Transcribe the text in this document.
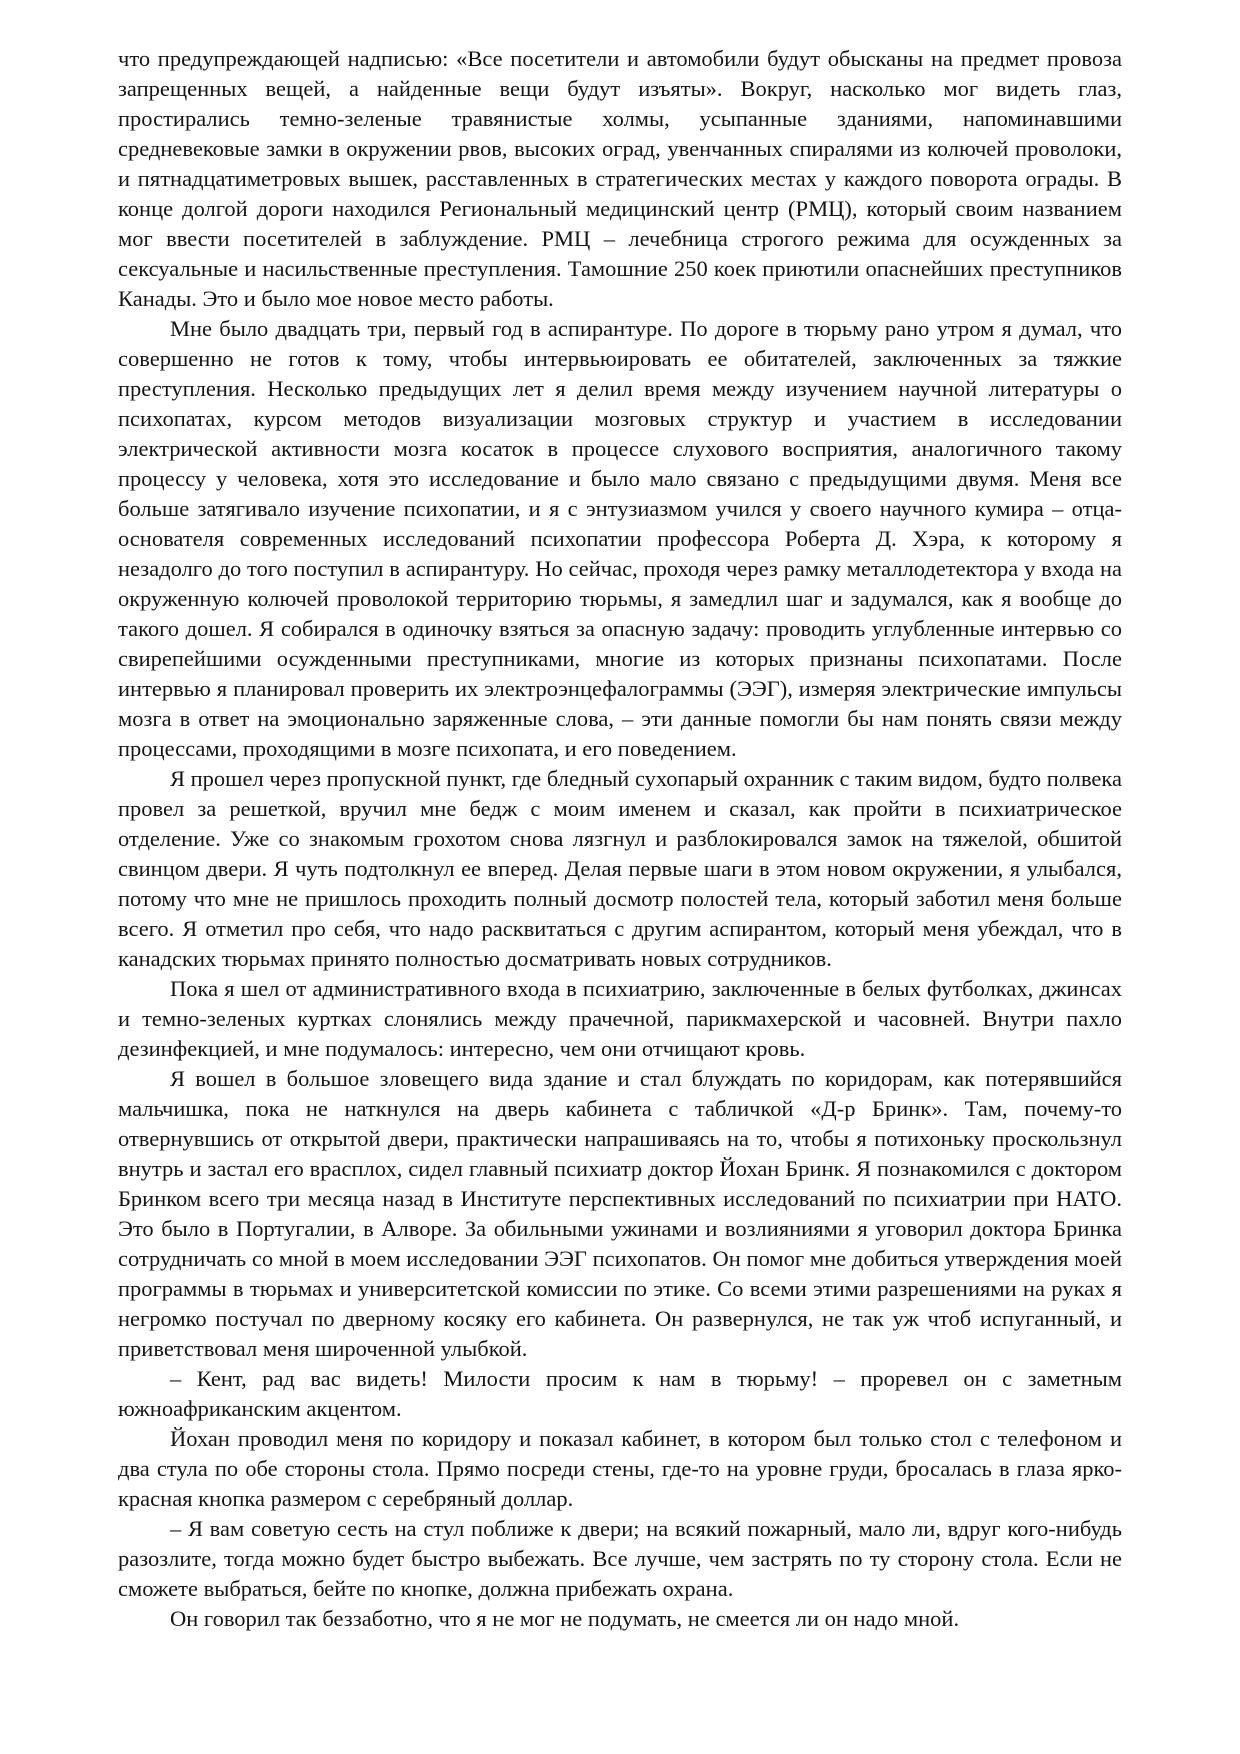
что предупреждающей надписью: «Все посетители и автомобили будут обысканы на предмет провоза запрещенных вещей, а найденные вещи будут изъяты». Вокруг, насколько мог видеть глаз, простирались темно-зеленые травянистые холмы, усыпанные зданиями, напоминавшими средневековые замки в окружении рвов, высоких оград, увенчанных спиралями из колючей проволоки, и пятнадцатиметровых вышек, расставленных в стратегических местах у каждого поворота ограды. В конце долгой дороги находился Региональный медицинский центр (РМЦ), который своим названием мог ввести посетителей в заблуждение. РМЦ – лечебница строгого режима для осужденных за сексуальные и насильственные преступления. Тамошние 250 коек приютили опаснейших преступников Канады. Это и было мое новое место работы.

Мне было двадцать три, первый год в аспирантуре. По дороге в тюрьму рано утром я думал, что совершенно не готов к тому, чтобы интервьюировать ее обитателей, заключенных за тяжкие преступления. Несколько предыдущих лет я делил время между изучением научной литературы о психопатах, курсом методов визуализации мозговых структур и участием в исследовании электрической активности мозга косаток в процессе слухового восприятия, аналогичного такому процессу у человека, хотя это исследование и было мало связано с предыдущими двумя. Меня все больше затягивало изучение психопатии, и я с энтузиазмом учился у своего научного кумира – отца-основателя современных исследований психопатии профессора Роберта Д. Хэра, к которому я незадолго до того поступил в аспирантуру. Но сейчас, проходя через рамку металлодетектора у входа на окруженную колючей проволокой территорию тюрьмы, я замедлил шаг и задумался, как я вообще до такого дошел. Я собирался в одиночку взяться за опасную задачу: проводить углубленные интервью со свирепейшими осужденными преступниками, многие из которых признаны психопатами. После интервью я планировал проверить их электроэнцефалограммы (ЭЭГ), измеряя электрические импульсы мозга в ответ на эмоционально заряженные слова, – эти данные помогли бы нам понять связи между процессами, проходящими в мозге психопата, и его поведением.

Я прошел через пропускной пункт, где бледный сухопарый охранник с таким видом, будто полвека провел за решеткой, вручил мне бедж с моим именем и сказал, как пройти в психиатрическое отделение. Уже со знакомым грохотом снова лязгнул и разблокировался замок на тяжелой, обшитой свинцом двери. Я чуть подтолкнул ее вперед. Делая первые шаги в этом новом окружении, я улыбался, потому что мне не пришлось проходить полный досмотр полостей тела, который заботил меня больше всего. Я отметил про себя, что надо расквитаться с другим аспирантом, который меня убеждал, что в канадских тюрьмах принято полностью досматривать новых сотрудников.

Пока я шел от административного входа в психиатрию, заключенные в белых футболках, джинсах и темно-зеленых куртках слонялись между прачечной, парикмахерской и часовней. Внутри пахло дезинфекцией, и мне подумалось: интересно, чем они отчищают кровь.

Я вошел в большое зловещего вида здание и стал блуждать по коридорам, как потерявшийся мальчишка, пока не наткнулся на дверь кабинета с табличкой «Д-р Бринк». Там, почему-то отвернувшись от открытой двери, практически напрашиваясь на то, чтобы я потихоньку проскользнул внутрь и застал его врасплох, сидел главный психиатр доктор Йохан Бринк. Я познакомился с доктором Бринком всего три месяца назад в Институте перспективных исследований по психиатрии при НАТО. Это было в Португалии, в Алворе. За обильными ужинами и возлияниями я уговорил доктора Бринка сотрудничать со мной в моем исследовании ЭЭГ психопатов. Он помог мне добиться утверждения моей программы в тюрьмах и университетской комиссии по этике. Со всеми этими разрешениями на руках я негромко постучал по дверному косяку его кабинета. Он развернулся, не так уж чтоб испуганный, и приветствовал меня широченной улыбкой.

– Кент, рад вас видеть! Милости просим к нам в тюрьму! – проревел он с заметным южноафриканским акцентом.

Йохан проводил меня по коридору и показал кабинет, в котором был только стол с телефоном и два стула по обе стороны стола. Прямо посреди стены, где-то на уровне груди, бросалась в глаза ярко-красная кнопка размером с серебряный доллар.

– Я вам советую сесть на стул поближе к двери; на всякий пожарный, мало ли, вдруг кого-нибудь разозлите, тогда можно будет быстро выбежать. Все лучше, чем застрять по ту сторону стола. Если не сможете выбраться, бейте по кнопке, должна прибежать охрана.

Он говорил так беззаботно, что я не мог не подумать, не смеется ли он надо мной.
